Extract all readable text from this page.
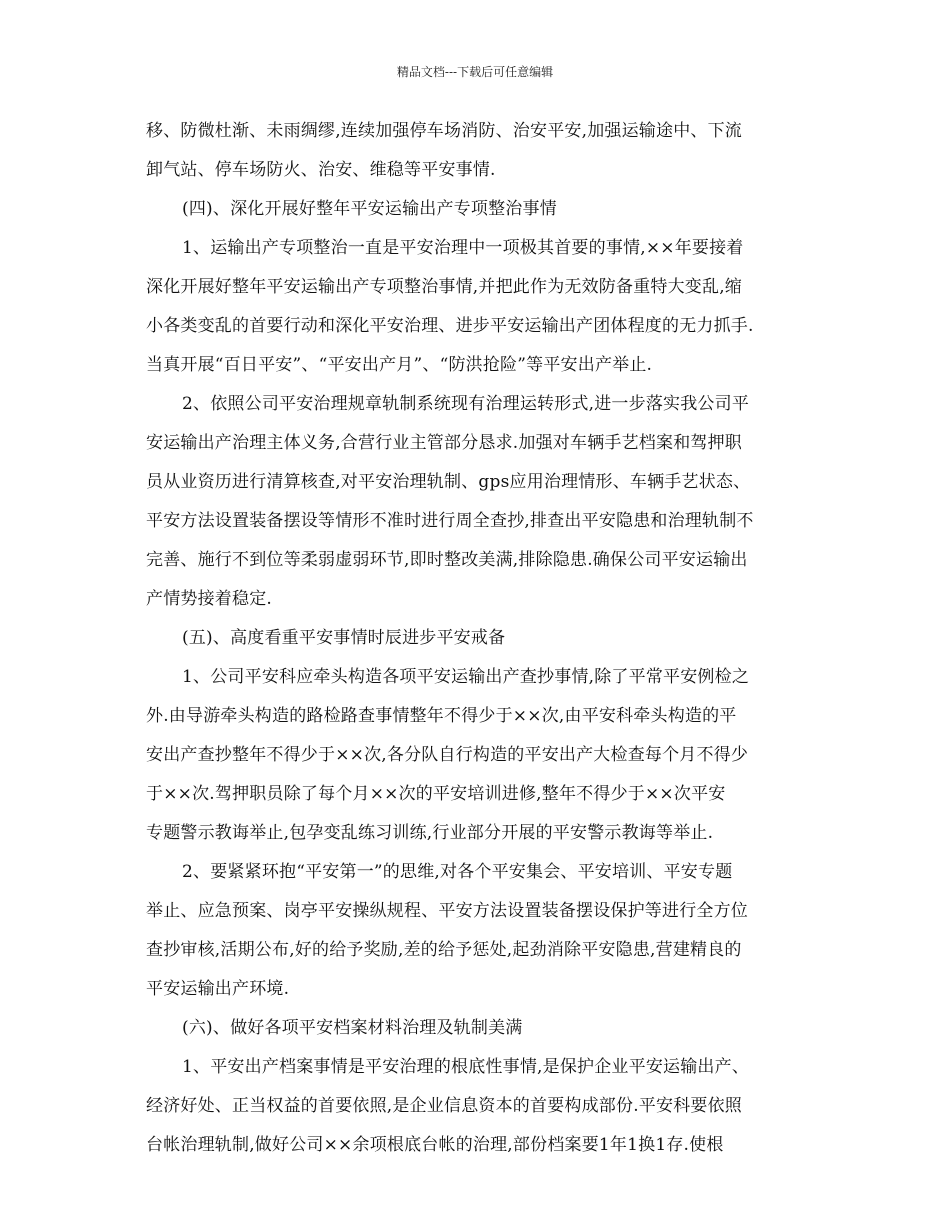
精品文档---下载后可任意编辑
移、防微杜渐、未雨绸缪,连续加强停车场消防、治安平安,加强运输途中、下流
卸气站、停车场防火、治安、维稳等平安事情.
(四)、深化开展好整年平安运输出产专项整治事情
1、运输出产专项整治一直是平安治理中一项极其首要的事情,××年要接着
深化开展好整年平安运输出产专项整治事情,并把此作为无效防备重特大变乱,缩
小各类变乱的首要行动和深化平安治理、进步平安运输出产团体程度的无力抓手.
当真开展“百日平安”、“平安出产月”、“防洪抢险”等平安出产举止.
2、依照公司平安治理规章轨制系统现有治理运转形式,进一步落实我公司平
安运输出产治理主体义务,合营行业主管部分恳求.加强对车辆手艺档案和驾押职
员从业资历进行清算核查,对平安治理轨制、gps应用治理情形、车辆手艺状态、
平安方法设置装备摆设等情形不准时进行周全查抄,排查出平安隐患和治理轨制不
完善、施行不到位等柔弱虚弱环节,即时整改美满,排除隐患.确保公司平安运输出
产情势接着稳定.
(五)、高度看重平安事情时辰进步平安戒备
1、公司平安科应牵头构造各项平安运输出产查抄事情,除了平常平安例检之
外.由导游牵头构造的路检路查事情整年不得少于××次,由平安科牵头构造的平
安出产查抄整年不得少于××次,各分队自行构造的平安出产大检查每个月不得少
于××次.驾押职员除了每个月××次的平安培训进修,整年不得少于××次平安
专题警示教诲举止,包孕变乱练习训练,行业部分开展的平安警示教诲等举止.
2、要紧紧环抱“平安第一”的思维,对各个平安集会、平安培训、平安专题
举止、应急预案、岗亭平安操纵规程、平安方法设置装备摆设保护等进行全方位
查抄审核,活期公布,好的给予奖励,差的给予惩处,起劲消除平安隐患,营建精良的
平安运输出产环境.
(六)、做好各项平安档案材料治理及轨制美满
1、平安出产档案事情是平安治理的根底性事情,是保护企业平安运输出产、
经济好处、正当权益的首要依照,是企业信息资本的首要构成部份.平安科要依照
台帐治理轨制,做好公司××余项根底台帐的治理,部份档案要1年1换1存.使根
